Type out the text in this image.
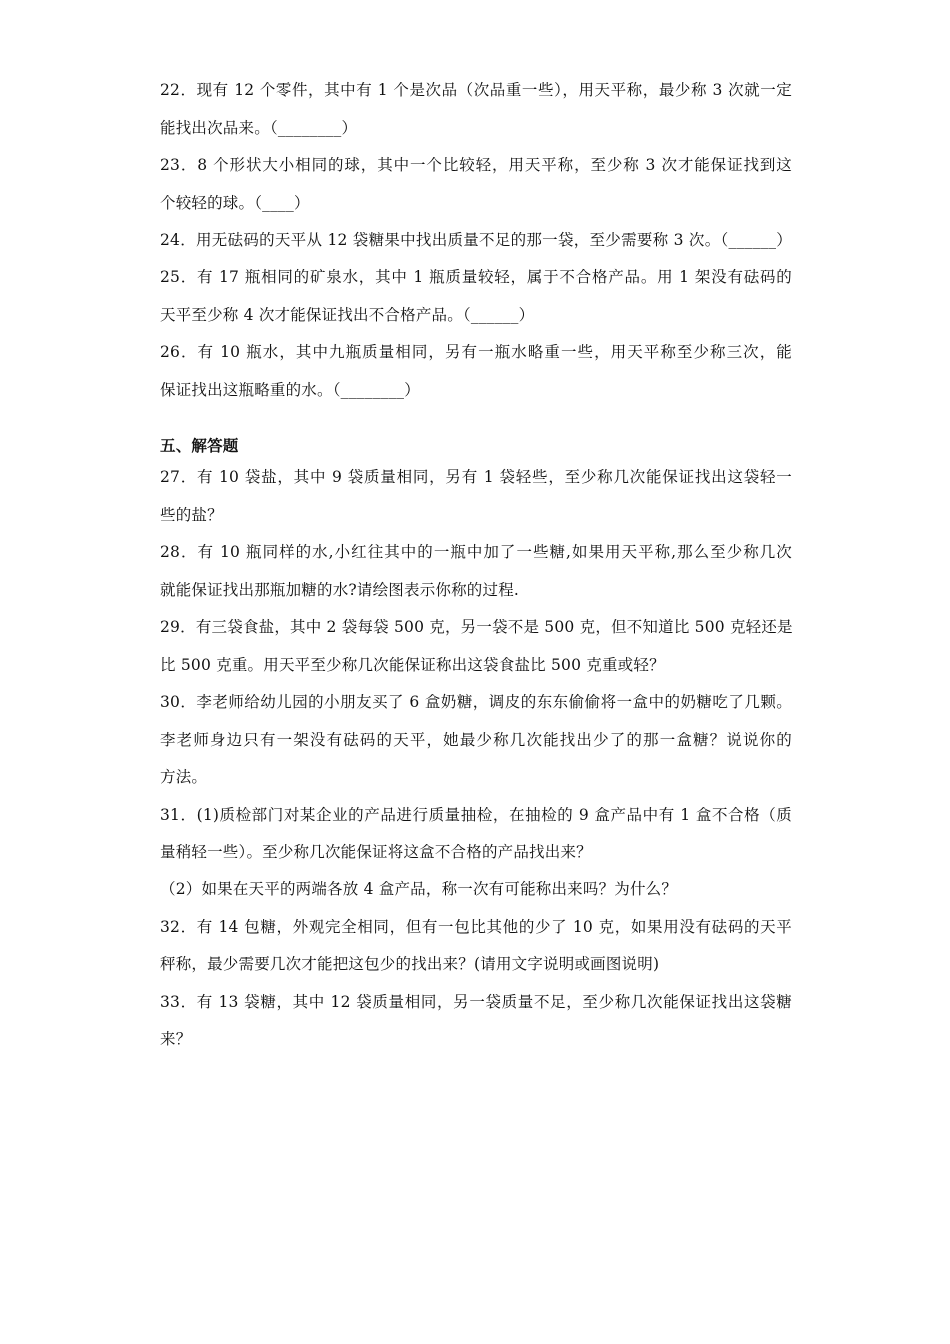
22．现有 12 个零件，其中有 1 个是次品（次品重一些），用天平称，最少称 3 次就一定
能找出次品来。（________）
23．8 个形状大小相同的球，其中一个比较轻，用天平称，至少称 3 次才能保证找到这
个较轻的球。（____）
24．用无砝码的天平从 12 袋糖果中找出质量不足的那一袋，至少需要称 3 次。（______）
25．有 17 瓶相同的矿泉水，其中 1 瓶质量较轻，属于不合格产品。用 1 架没有砝码的
天平至少称 4 次才能保证找出不合格产品。（______）
26．有 10 瓶水，其中九瓶质量相同，另有一瓶水略重一些，用天平称至少称三次，能
保证找出这瓶略重的水。（________）
五、解答题
27．有 10 袋盐，其中 9 袋质量相同，另有 1 袋轻些，至少称几次能保证找出这袋轻一
些的盐？
28．有 10 瓶同样的水,小红往其中的一瓶中加了一些糖,如果用天平称,那么至少称几次
就能保证找出那瓶加糖的水?请绘图表示你称的过程.
29．有三袋食盐，其中 2 袋每袋 500 克，另一袋不是 500 克，但不知道比 500 克轻还是
比 500 克重。用天平至少称几次能保证称出这袋食盐比 500 克重或轻？
30．李老师给幼儿园的小朋友买了 6 盒奶糖，调皮的东东偷偷将一盒中的奶糖吃了几颗。
李老师身边只有一架没有砝码的天平，她最少称几次能找出少了的那一盒糖？说说你的
方法。
31．(1)质检部门对某企业的产品进行质量抽检，在抽检的 9 盒产品中有 1 盒不合格（质
量稍轻一些）。至少称几次能保证将这盒不合格的产品找出来？
（2）如果在天平的两端各放 4 盒产品，称一次有可能称出来吗？为什么？
32．有 14 包糖，外观完全相同，但有一包比其他的少了 10 克，如果用没有砝码的天平
秤称，最少需要几次才能把这包少的找出来？(请用文字说明或画图说明)
33．有 13 袋糖，其中 12 袋质量相同，另一袋质量不足，至少称几次能保证找出这袋糖
来？
